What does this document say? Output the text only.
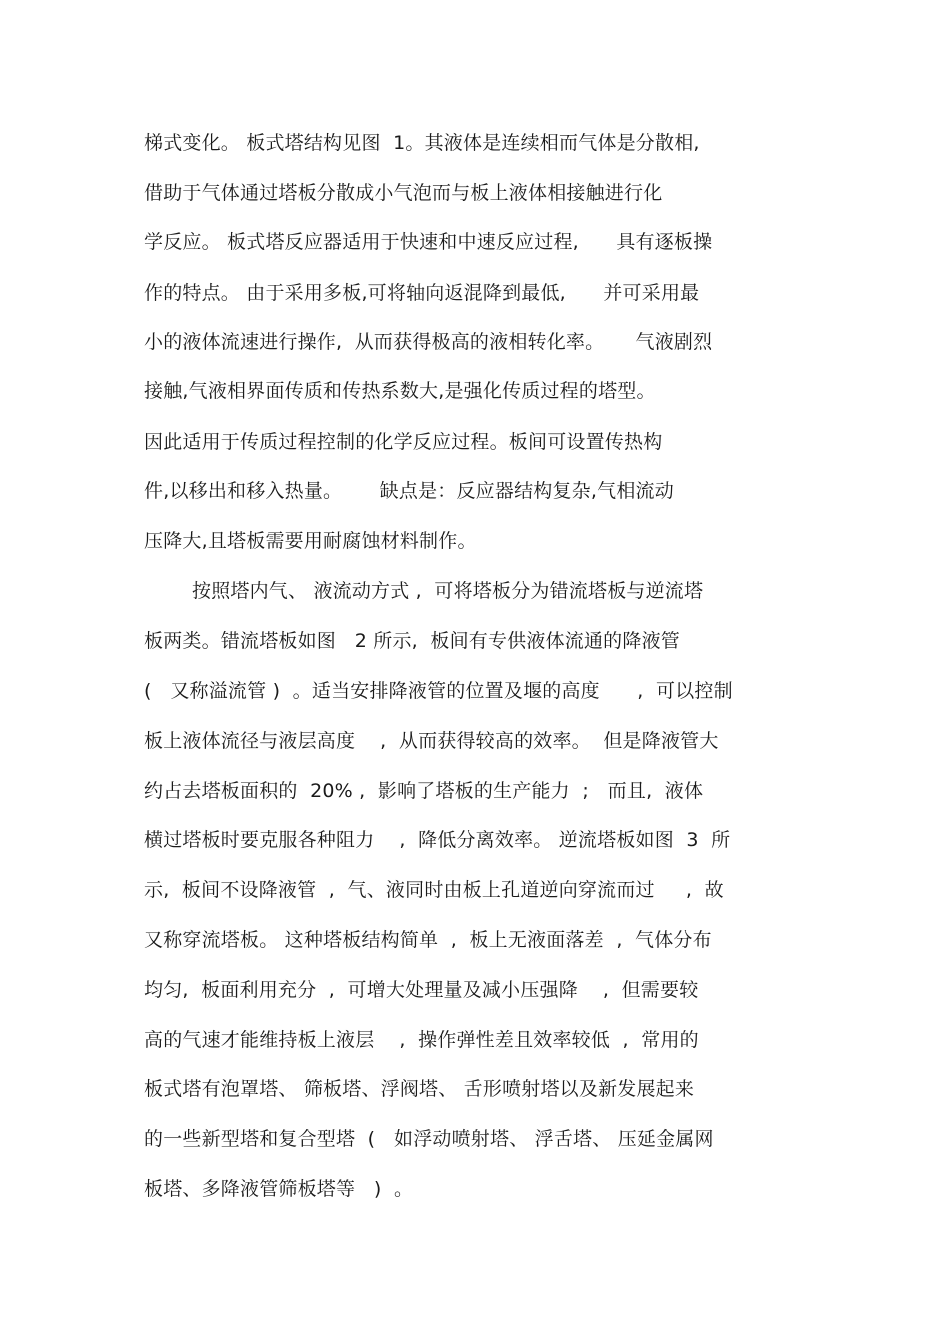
梯式变化。 板式塔结构见图  1。其液体是连续相而气体是分散相,
借助于气体通过塔板分散成小气泡而与板上液体相接触进行化
学反应。 板式塔反应器适用于快速和中速反应过程,      具有逐板操
作的特点。 由于采用多板,可将轴向返混降到最低,      并可采用最
小的液体流速进行操作,  从而获得极高的液相转化率。     气液剧烈
接触,气液相界面传质和传热系数大,是强化传质过程的塔型。
因此适用于传质过程控制的化学反应过程。板间可设置传热构
件,以移出和移入热量。      缺点是：反应器结构复杂,气相流动
压降大,且塔板需要用耐腐蚀材料制作。
按照塔内气、 液流动方式 ,  可将塔板分为错流塔板与逆流塔
板两类。错流塔板如图   2 所示,  板间有专供液体流通的降液管
(   又称溢流管 )  。适当安排降液管的位置及堰的高度      ,  可以控制
板上液体流径与液层高度    ,  从而获得较高的效率。  但是降液管大
约占去塔板面积的  20% ,  影响了塔板的生产能力  ;   而且,  液体
横过塔板时要克服各种阻力    ,  降低分离效率。 逆流塔板如图  3  所
示,  板间不设降液管  ,  气、液同时由板上孔道逆向穿流而过     ,  故
又称穿流塔板。 这种塔板结构简单  ,  板上无液面落差  ,  气体分布
均匀,  板面利用充分  ,  可增大处理量及减小压强降    ,  但需要较
高的气速才能维持板上液层    ,  操作弹性差且效率较低  ,  常用的
板式塔有泡罩塔、 筛板塔、浮阀塔、 舌形喷射塔以及新发展起来
的一些新型塔和复合型塔  (   如浮动喷射塔、 浮舌塔、 压延金属网
板塔、多降液管筛板塔等   )  。
